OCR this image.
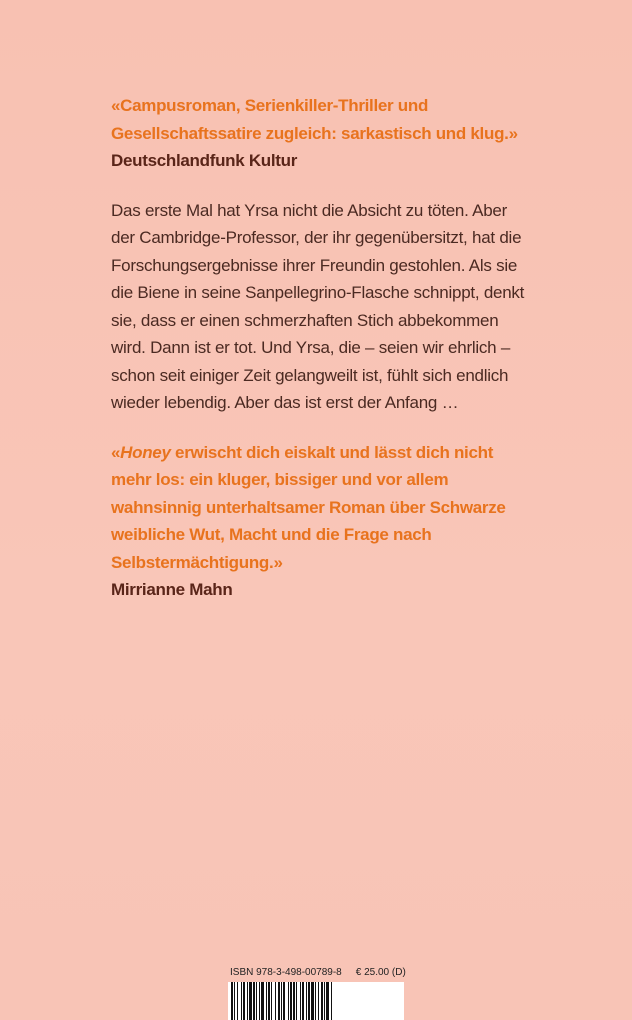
«Campusroman, Serienkiller-Thriller und Gesellschaftssatire zugleich: sarkastisch und klug.»

Deutschlandfunk Kultur

Das erste Mal hat Yrsa nicht die Absicht zu töten. Aber der Cambridge-Professor, der ihr gegenübersitzt, hat die Forschungsergebnisse ihrer Freundin gestohlen. Als sie die Biene in seine Sanpellegrino-Flasche schnippt, denkt sie, dass er einen schmerzhaften Stich abbekommen wird. Dann ist er tot. Und Yrsa, die – seien wir ehrlich – schon seit einiger Zeit gelangweilt ist, fühlt sich endlich wieder lebendig. Aber das ist erst der Anfang …

«Honey erwischt dich eiskalt und lässt dich nicht mehr los: ein kluger, bissiger und vor allem wahnsinnig unterhaltsamer Roman über Schwarze weibliche Wut, Macht und die Frage nach Selbstermächtigung.»

Mirrianne Mahn

ISBN 978-3-498-00789-8 € 25.00 (D)
